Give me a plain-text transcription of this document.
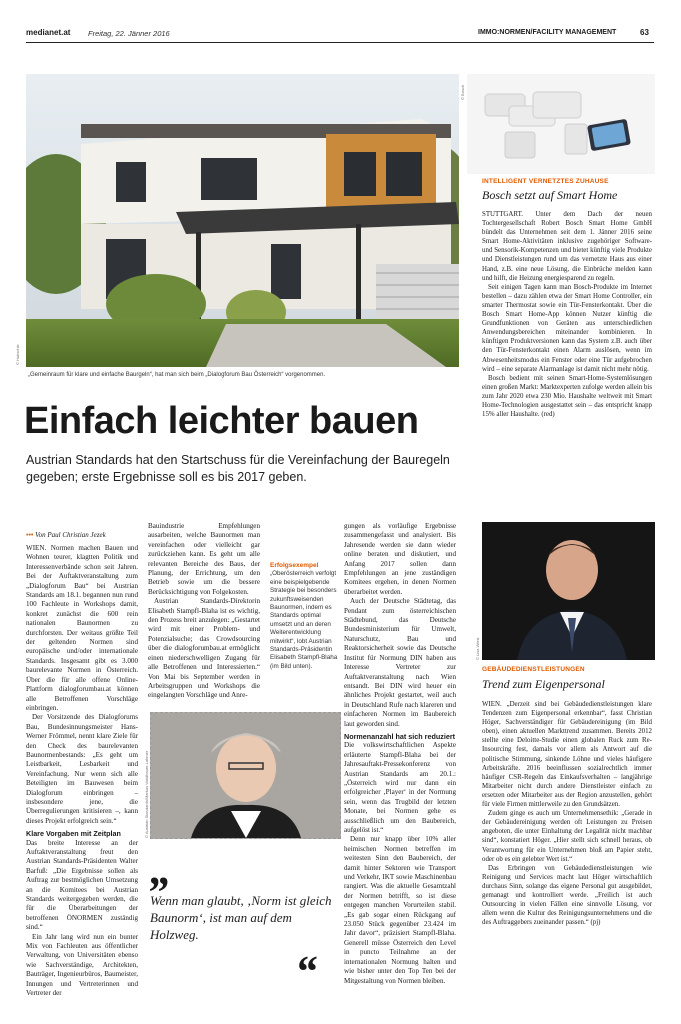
medianet.at Freitag, 22. Jänner 2016	IMMO:NORMEN/FACILITY MANAGEMENT	63
© Hubschle
„Gemeinraum für klare und einfache Baurgeln“, hat man sich beim „Dialogforum Bau Österreich“ vorgenommen.
Einfach leichter bauen
Austrian Standards hat den Startschuss für die Vereinfachung der Bauregeln gegeben; erste Ergebnisse soll es bis 2017 geben.
••• Von Paul Christian Jezek

WIEN. Normen machen Bauen und Wohnen teurer, klagtten Politik und Interessenverbände schon seit Jahren. Bei der Auftaktveranstaltung zum „Dialogforum Bau“ bei Austrian Standards am 18.1. begannen nun rund 100 Fachleute in Workshops damit, konkret zunächst die 600 rein nationalen Baunormen zu durchforsten. Der weitaus größte Teil der geltenden Normen sind europäische und/oder internationale Standards. Insgesamt gibt es 3.000 baurelevante Normen in Österreich. Über die für alle offene Online-Plattform dialogforumbau.at können alle Betroffenen Vorschläge einbringen.

Der Vorsitzende des Dialogforums Bau, Bundesinnungsmeister Hans-Werner Frömmel, nennt klare Ziele für den Check des baurelevanten Baunormenbestands: „Es geht um Leistbarkeit, Lesbarkeit und Vereinfachung. Nur wenn sich alle Beteiligten im Bauwesen beim Dialogforum einbringen – insbesondere jene, die Überregulierungen kritisieren –, kann dieses Projekt erfolgreich sein.“

Klare Vorgaben mit Zeitplan

Das breite Interesse an der Auftaktveranstaltung freut den Austrian Standards-Präsidenten Walter Barfuß: „Die Ergebnisse sollen als Auftrag zur bestmöglichen Umsetzung an die Komitees bei Austrian Standards weitergegeben werden, die für die Überarbeitungen der betroffenen ÖNORMEN zuständig sind.“

Ein Jahr lang wird nun ein bunter Mix von Fachleuten aus öffentlicher Verwaltung, von Universitäten ebenso wie Sachverständige, Architekten, Bauträger, Ingenieurbüros, Baumeister, Innungen und Vertreterinnen und Vertreter der

Bauindustrie Empfehlungen ausarbeiten, welche Baunormen man vereinfachen oder vielleicht gar zurückziehen kann. Es geht um alle relevanten Bereiche des Baus, der Planung, der Errichtung, um den Betrieb sowie um die bessere Berücksichtigung von Folgekosten.

Austrian Standards-Direktorin Elisabeth Stampfl-Blaha ist es wichtig, den Prozess breit anzulegen: „Gestartet wird mit einer Problem- und Potenzialsuche; das Crowdsourcing über die dialogforumbau.at ermöglicht einen niederschwelligen Zugang für alle Betroffenen und Interessierten.“ Von Mai bis September werden in Arbeitsgruppen und Workshops die eingelangten Vorschläge und Anre-

Erfolgsexempel
„Oberösterreich verfolgt eine beispielgebende Strategie bei besonders zukunftsweisenden Baunormen, indem es Standards optimal umsetzt und an deren Weiterentwicklung mitwirkt“, lobt Austrian Standards-Präsidentin Elisabeth Stampfl-Blaha (im Bild unten).
© Austrian Standards/Markus Waldhauer-Lahmer
„
Wenn man glaubt, ‚Norm ist gleich Baunorm‘, ist man auf dem Holzweg.
“

gungen als vorläufige Ergebnisse zusammengefasst und analysiert. Bis Jahresende werden sie dann wieder online beraten und diskutiert, und Anfang 2017 sollen dann Empfehlungen an jene zuständigen Komitees ergehen, in denen Normen überarbeitet werden.

Auch der Deutsche Städtetag, das Pendant zum österreichischen Städtebund, das Deutsche Bundesministerium für Umwelt, Naturschutz, Bau und Reaktorsicherheit sowie das Deutsche Institut für Normung DIN haben aus Interesse Vertreter zur Auftaktveranstaltung nach Wien entsandt. Bei DIN wird heuer ein ähnliches Projekt gestartet, weil auch in Deutschland Rufe nach klareren und einfacheren Normen im Baubereich laut geworden sind.

Normenanzahl hat sich reduziert

Die volkswirtschaftlichen Aspekte erläuterte Stampfl-Blaha bei der Jahresauftakt-Pressekonferenz von Austrian Standards am 20.1.: „Österreich wird nur dann ein erfolgreicher ‚Player‘ in der Normung sein, wenn das Trugbild der letzten Monate, bei Normen gehe es ausschließlich um den Baubereich, aufgelöst ist.“

Denn nur knapp über 10% aller heimischen Normen betreffen im weitesten Sinn den Baubereich, der damit hinter Sektoren wie Transport und Verkehr, IKT sowie Maschinenbau rangiert. Was die aktuelle Gesamtzahl der Normen betrifft, so ist diese entgegen manchen Vorurteilen stabil. „Es gab sogar einen Rückgang auf 23.050 Stück gegenüber 23.424 im Jahr davor“, präzisiert Stampfl-Blaha. Generell müsse Österreich den Level in puncto Teilnahme an der internationalen Normung halten und wie bisher unter den Top Ten bei der Mitgestaltung von Normen bleiben.

© Bosch
INTELLIGENT VERNETZTES ZUHAUSE
Bosch setzt auf Smart Home

STUTTGART. Unter dem Dach der neuen Tochtergesellschaft Robert Bosch Smart Home GmbH bündelt das Unternehmen seit dem 1. Jänner 2016 seine Smart Home-Aktivitäten inklusive zugehöriger Software- und Sensorik-Kompetenzen und bietet künftig viele Produkte und Dienstleistungen rund um das vernetzte Haus aus einer Hand, z.B. eine neue Lösung, die Einbrüche melden kann und hilft, die Heizung energiesparend zu regeln.

Seit einigen Tagen kann man Bosch-Produkte im Internet bestellen – dazu zählen etwa der Smart Home Controller, ein smarter Thermostat sowie ein Tür-Fensterkontakt. Über die Bosch Smart Home-App können Nutzer künftig die Grundfunktionen von Geräten aus unterschiedlichen Anwendungsbereichen miteinander kombinieren. In künftigen Produktversionen kann das System z.B. auch über den Tür-Fensterkontakt einen Alarm auslösen, wenn im Abwesenheitsmodus ein Fenster oder eine Tür aufgebrochen wird – eine separate Alarmanlage ist damit nicht mehr nötig.

Bosch bedient mit seinen Smart-Home-Systemlösungen einen großen Markt: Marktexperten zufolge werden allein bis zum Jahr 2020 etwa 230 Mio. Haushalte weltweit mit Smart Home-Technologien ausgestattet sein – das entspricht knapp 15% aller Haushalte. (red)

© Lisa Wiest
GEBÄUDEDIENSTLEISTUNGEN
Trend zum Eigenpersonal

WIEN. „Derzeit sind bei Gebäudedienstleistungen klare Tendenzen zum Eigenpersonal erkennbar“, fasst Christian Höger, Sachverständiger für Gebäudereinigung (im Bild oben), einen aktuellen Markttrend zusammen. Bereits 2012 stellte eine Deloitte-Studie einen globalen Ruck zum Re-Insourcing fest, damals vor allem als Antwort auf die politische Stimmung, sinkende Löhne und vieles häufigere Arbeitskräfte. 2016 beeinflussen sozialrechtlich immer häufiger CSR-Regeln das Einkaufsverhalten – langjährige Mitarbeiter nicht durch andere Dienstleister einfach zu ersetzen oder Mitarbeiter aus der Region anzustellen, gehört für viele Firmen mittlerweile zu den Grundsätzen.

Zudem ginge es auch um Unternehmensethik: „Gerade in der Gebäudereinigung werden oft Leistungen zu Preisen angeboten, die unter Einhaltung der Legalität nicht machbar sind“, konstatiert Höger. „Hier stellt sich schnell heraus, ob Verantwortung für ein Unternehmen bloß am Papier steht, oder ob es ein gelebter Wert ist.“

Das Erbringen von Gebäudedienstleistungen wie Reinigung und Services macht laut Höger wirtschaftlich durchaus Sinn, solange das eigene Personal gut ausgebildet, gemanagt und kontrolliert werde. „Freilich ist auch Outsourcing in vielen Fällen eine sinnvolle Lösung, vor allem wenn die Kultur des Reinigungsunternehmens und die des Auftraggebers zueinander passen.“ (pj)
